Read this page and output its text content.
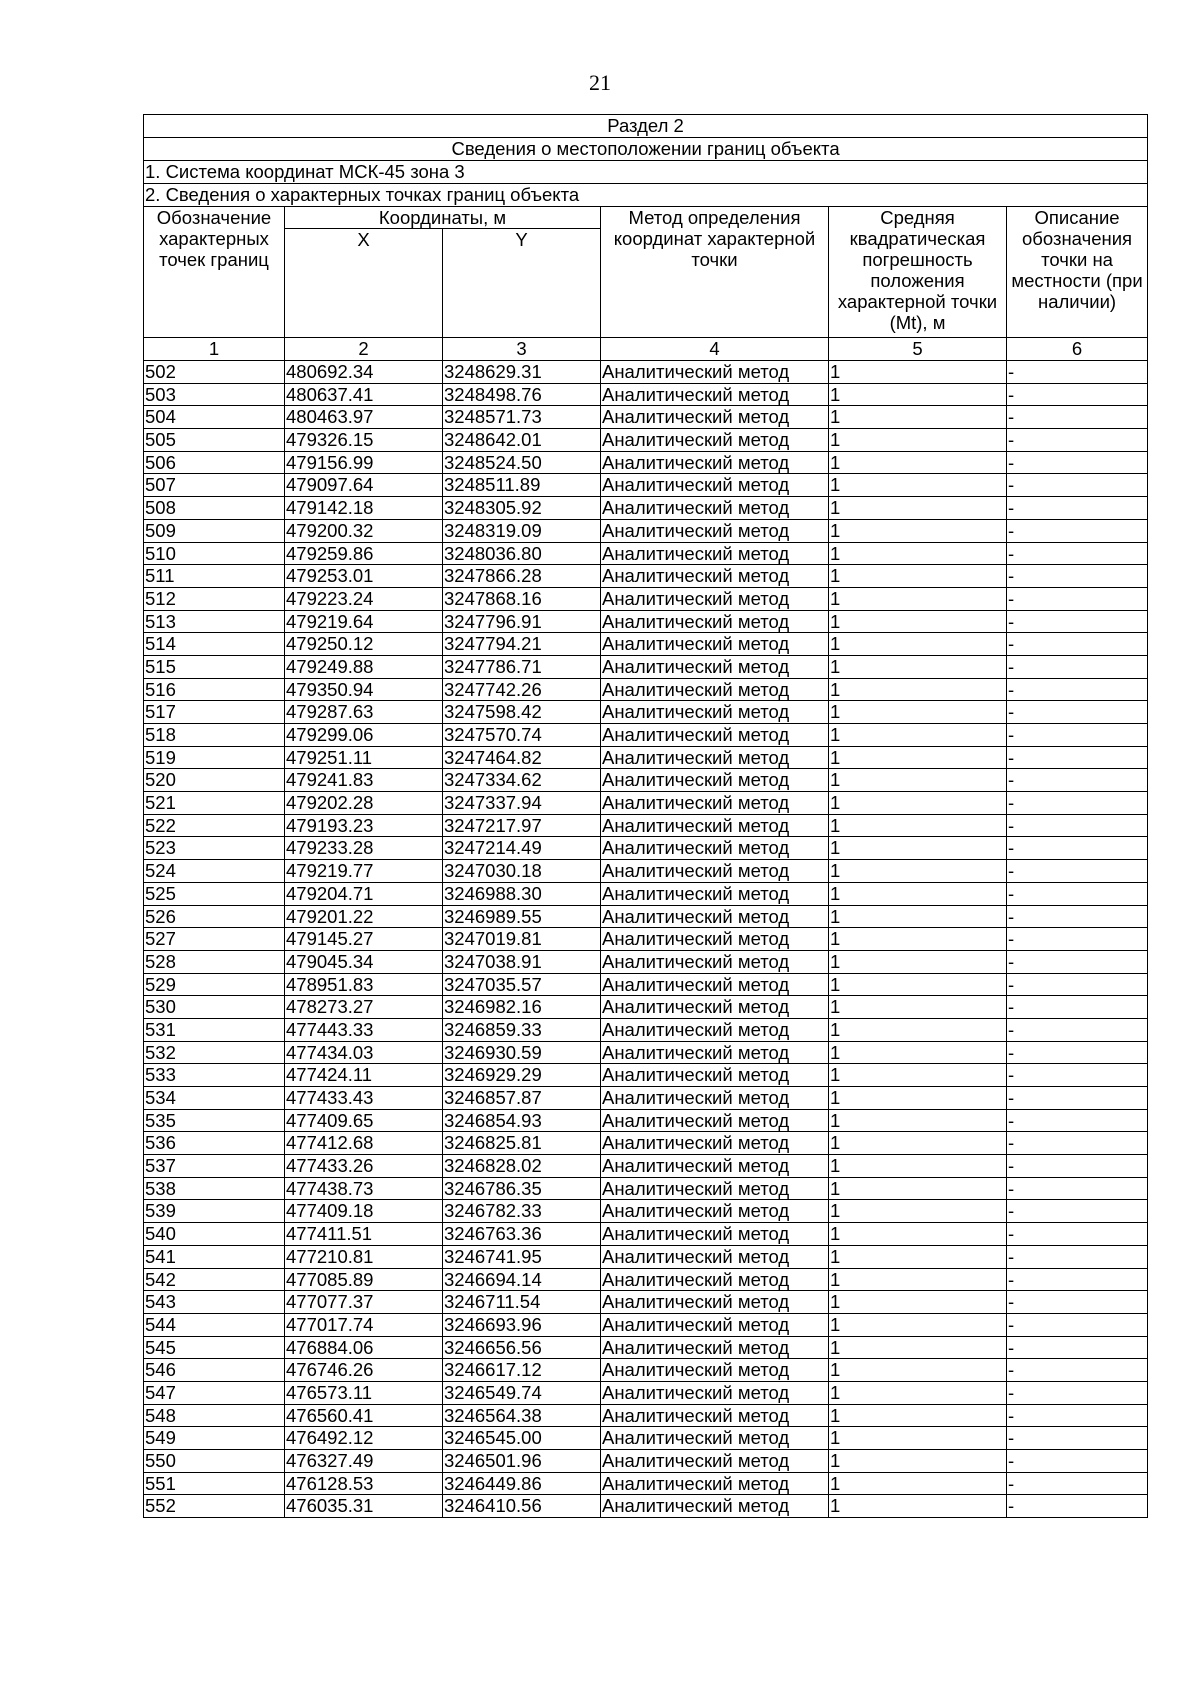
21
Раздел 2					
Сведения о местоположении границ объекта					
1. Система координат МСК-45 зона 3					
2. Сведения о характерных точках границ объекта					
Обозначение характерных точек границ	Координаты, м		Метод определения координат характерной точки	Средняя квадратическая погрешность положения характерной точки (Mt), м	Описание обозначения точки на местности (при наличии)
	X	Y			
1	2	3	4	5	6
502	480692.34	3248629.31	Аналитический метод	1	-
503	480637.41	3248498.76	Аналитический метод	1	-
504	480463.97	3248571.73	Аналитический метод	1	-
505	479326.15	3248642.01	Аналитический метод	1	-
506	479156.99	3248524.50	Аналитический метод	1	-
507	479097.64	3248511.89	Аналитический метод	1	-
508	479142.18	3248305.92	Аналитический метод	1	-
509	479200.32	3248319.09	Аналитический метод	1	-
510	479259.86	3248036.80	Аналитический метод	1	-
511	479253.01	3247866.28	Аналитический метод	1	-
512	479223.24	3247868.16	Аналитический метод	1	-
513	479219.64	3247796.91	Аналитический метод	1	-
514	479250.12	3247794.21	Аналитический метод	1	-
515	479249.88	3247786.71	Аналитический метод	1	-
516	479350.94	3247742.26	Аналитический метод	1	-
517	479287.63	3247598.42	Аналитический метод	1	-
518	479299.06	3247570.74	Аналитический метод	1	-
519	479251.11	3247464.82	Аналитический метод	1	-
520	479241.83	3247334.62	Аналитический метод	1	-
521	479202.28	3247337.94	Аналитический метод	1	-
522	479193.23	3247217.97	Аналитический метод	1	-
523	479233.28	3247214.49	Аналитический метод	1	-
524	479219.77	3247030.18	Аналитический метод	1	-
525	479204.71	3246988.30	Аналитический метод	1	-
526	479201.22	3246989.55	Аналитический метод	1	-
527	479145.27	3247019.81	Аналитический метод	1	-
528	479045.34	3247038.91	Аналитический метод	1	-
529	478951.83	3247035.57	Аналитический метод	1	-
530	478273.27	3246982.16	Аналитический метод	1	-
531	477443.33	3246859.33	Аналитический метод	1	-
532	477434.03	3246930.59	Аналитический метод	1	-
533	477424.11	3246929.29	Аналитический метод	1	-
534	477433.43	3246857.87	Аналитический метод	1	-
535	477409.65	3246854.93	Аналитический метод	1	-
536	477412.68	3246825.81	Аналитический метод	1	-
537	477433.26	3246828.02	Аналитический метод	1	-
538	477438.73	3246786.35	Аналитический метод	1	-
539	477409.18	3246782.33	Аналитический метод	1	-
540	477411.51	3246763.36	Аналитический метод	1	-
541	477210.81	3246741.95	Аналитический метод	1	-
542	477085.89	3246694.14	Аналитический метод	1	-
543	477077.37	3246711.54	Аналитический метод	1	-
544	477017.74	3246693.96	Аналитический метод	1	-
545	476884.06	3246656.56	Аналитический метод	1	-
546	476746.26	3246617.12	Аналитический метод	1	-
547	476573.11	3246549.74	Аналитический метод	1	-
548	476560.41	3246564.38	Аналитический метод	1	-
549	476492.12	3246545.00	Аналитический метод	1	-
550	476327.49	3246501.96	Аналитический метод	1	-
551	476128.53	3246449.86	Аналитический метод	1	-
552	476035.31	3246410.56	Аналитический метод	1	-
